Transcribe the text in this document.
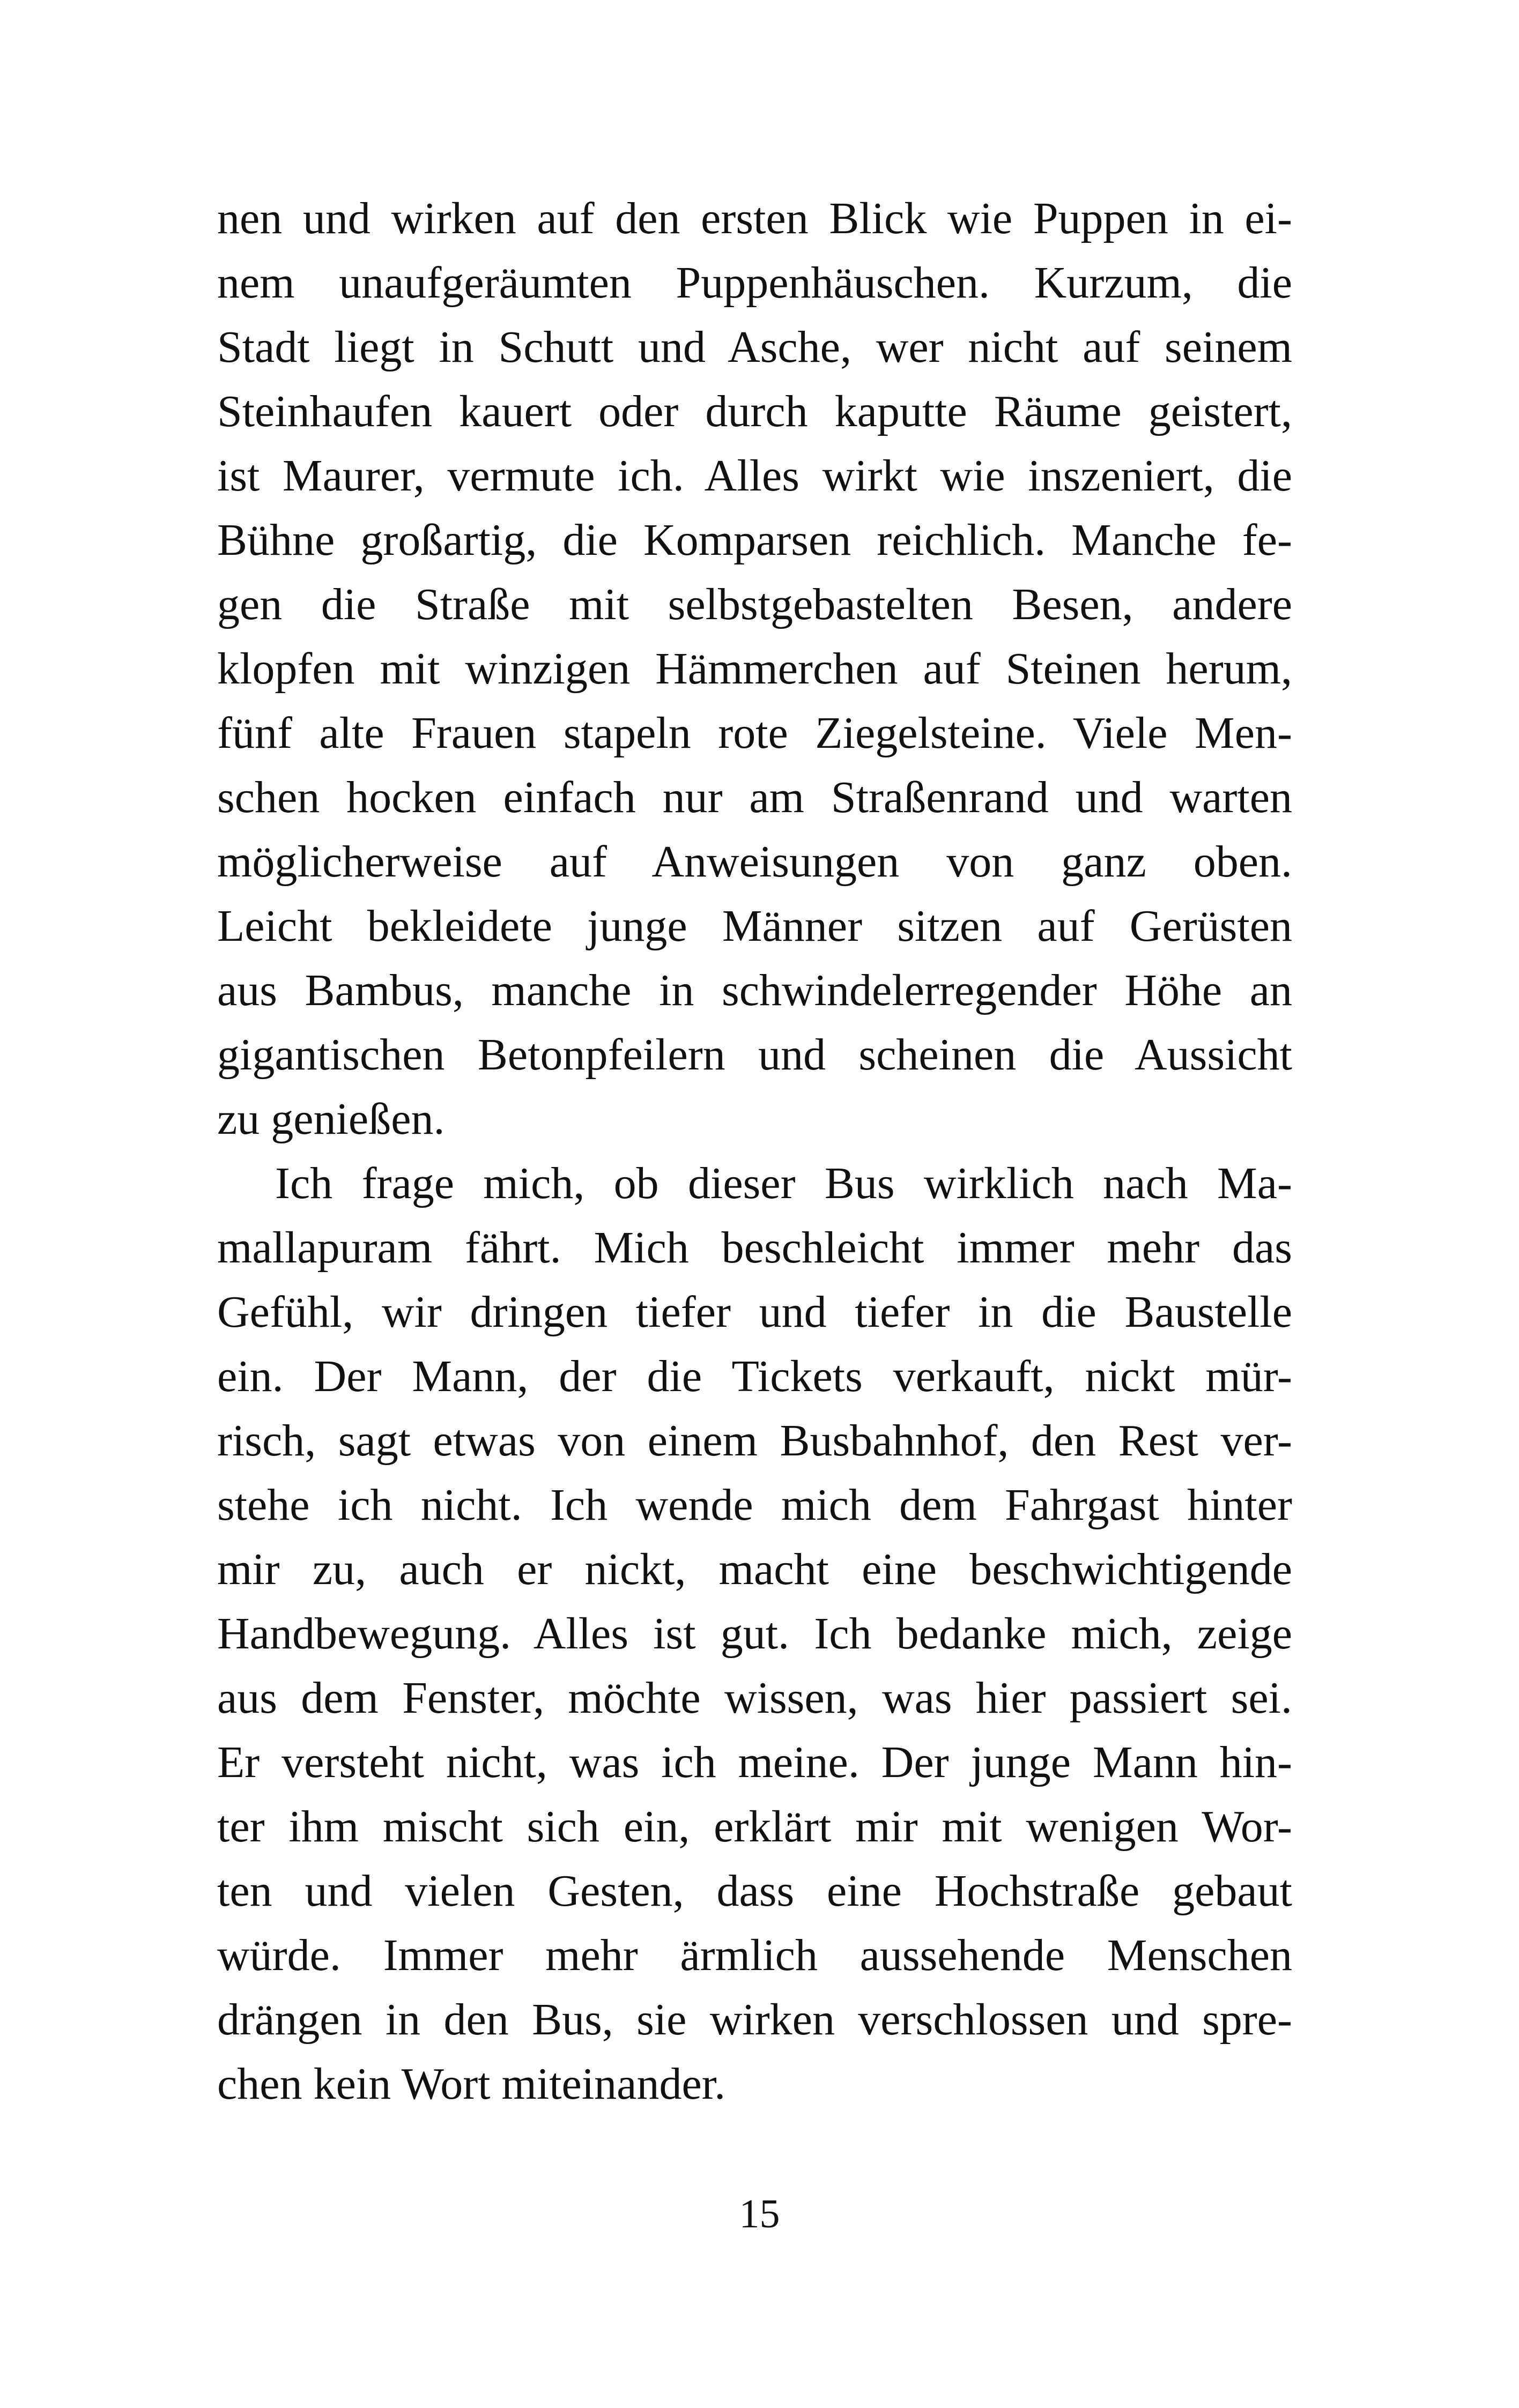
nen und wirken auf den ersten Blick wie Puppen in ei-
nem unaufgeräumten Puppenhäuschen. Kurzum, die
Stadt liegt in Schutt und Asche, wer nicht auf seinem
Steinhaufen kauert oder durch kaputte Räume geistert,
ist Maurer, vermute ich. Alles wirkt wie inszeniert, die
Bühne großartig, die Komparsen reichlich. Manche fe-
gen die Straße mit selbstgebastelten Besen, andere
klopfen mit winzigen Hämmerchen auf Steinen herum,
fünf alte Frauen stapeln rote Ziegelsteine. Viele Men-
schen hocken einfach nur am Straßenrand und warten
möglicherweise auf Anweisungen von ganz oben.
Leicht bekleidete junge Männer sitzen auf Gerüsten
aus Bambus, manche in schwindelerregender Höhe an
gigantischen Betonpfeilern und scheinen die Aussicht
zu genießen.

Ich frage mich, ob dieser Bus wirklich nach Ma-
mallapuram fährt. Mich beschleicht immer mehr das
Gefühl, wir dringen tiefer und tiefer in die Baustelle
ein. Der Mann, der die Tickets verkauft, nickt mür-
risch, sagt etwas von einem Busbahnhof, den Rest ver-
stehe ich nicht. Ich wende mich dem Fahrgast hinter
mir zu, auch er nickt, macht eine beschwichtigende
Handbewegung. Alles ist gut. Ich bedanke mich, zeige
aus dem Fenster, möchte wissen, was hier passiert sei.
Er versteht nicht, was ich meine. Der junge Mann hin-
ter ihm mischt sich ein, erklärt mir mit wenigen Wor-
ten und vielen Gesten, dass eine Hochstraße gebaut
würde. Immer mehr ärmlich aussehende Menschen
drängen in den Bus, sie wirken verschlossen und spre-
chen kein Wort miteinander.

15
